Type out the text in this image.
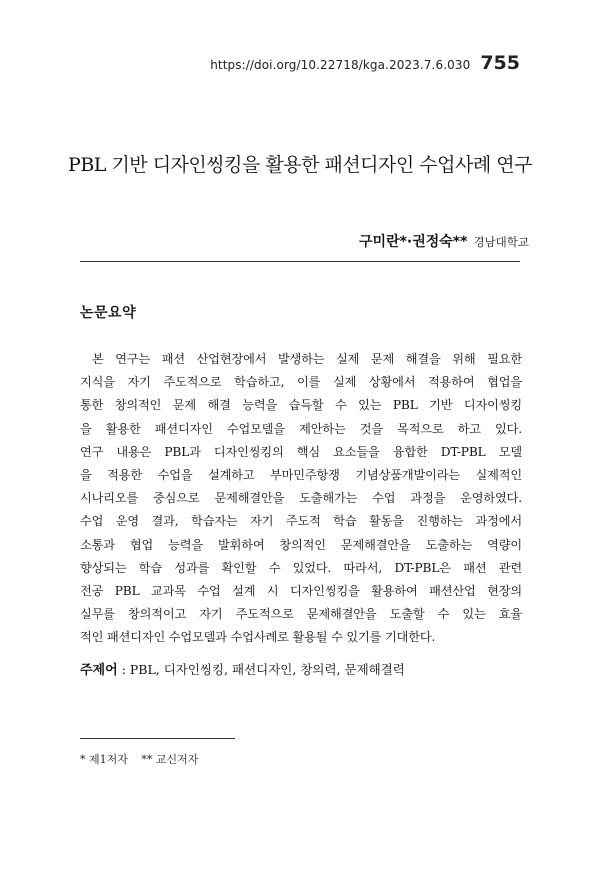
https://doi.org/10.22718/kga.2023.7.6.030 755
PBL 기반 디자인씽킹을 활용한 패션디자인 수업사례 연구
구미란*·권정숙** 경남대학교
논문요약

본 연구는 패션 산업현장에서 발생하는 실제 문제 해결을 위해 필요한
지식을 자기 주도적으로 학습하고, 이를 실제 상황에서 적용하여 협업을
통한 창의적인 문제 해결 능력을 습득할 수 있는 PBL 기반 디자이씽킹
을 활용한 패션디자인 수업모델을 제안하는 것을 목적으로 하고 있다.
연구 내용은 PBL과 디자인씽킹의 핵심 요소들을 융합한 DT-PBL 모델
을 적용한 수업을 설계하고 부마민주항쟁 기념상품개발이라는 실제적인
시나리오를 중심으로 문제해결안을 도출해가는 수업 과정을 운영하였다.
수업 운영 결과, 학습자는 자기 주도적 학습 활동을 진행하는 과정에서
소통과 협업 능력을 발휘하여 창의적인 문제해결안을 도출하는 역량이
향상되는 학습 성과를 확인할 수 있었다. 따라서, DT-PBL은 패션 관련
전공 PBL 교과목 수업 설계 시 디자인씽킹을 활용하여 패션산업 현장의
실무를 창의적이고 자기 주도적으로 문제해결안을 도출할 수 있는 효율
적인 패션디자인 수업모델과 수업사례로 활용될 수 있기를 기대한다.

주제어 : PBL, 디자인씽킹, 패션디자인, 창의력, 문제해결력
* 제1저자 ** 교신저자
